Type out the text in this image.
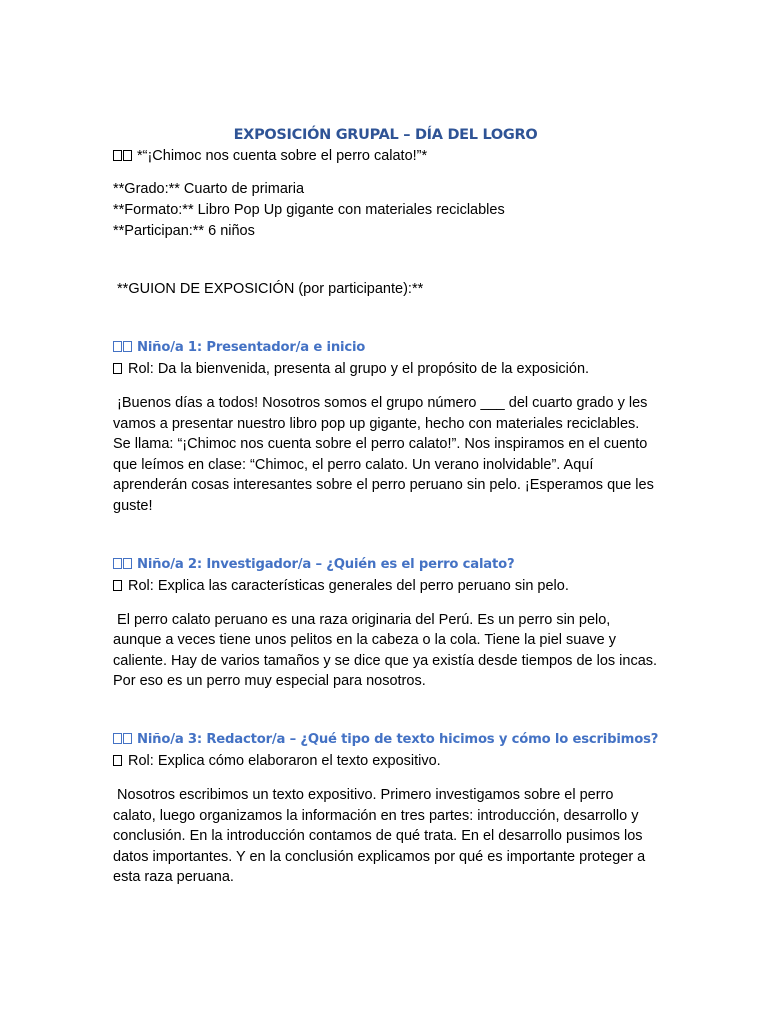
EXPOSICIÓN GRUPAL – DÍA DEL LOGRO

*“¡Chimoc nos cuenta sobre el perro calato!”*

**Grado:** Cuarto de primaria

**Formato:** Libro Pop Up gigante con materiales reciclables

**Participan:** 6 niños

**GUION DE EXPOSICIÓN (por participante):**

Niño/a 1: Presentador/a e inicio

Rol: Da la bienvenida, presenta al grupo y el propósito de la exposición.

¡Buenos días a todos! Nosotros somos el grupo número ___ del cuarto grado y les vamos a presentar nuestro libro pop up gigante, hecho con materiales reciclables. Se llama: “¡Chimoc nos cuenta sobre el perro calato!”. Nos inspiramos en el cuento que leímos en clase: “Chimoc, el perro calato. Un verano inolvidable”. Aquí aprenderán cosas interesantes sobre el perro peruano sin pelo. ¡Esperamos que les guste!

Niño/a 2: Investigador/a – ¿Quién es el perro calato?

Rol: Explica las características generales del perro peruano sin pelo.

El perro calato peruano es una raza originaria del Perú. Es un perro sin pelo, aunque a veces tiene unos pelitos en la cabeza o la cola. Tiene la piel suave y caliente. Hay de varios tamaños y se dice que ya existía desde tiempos de los incas. Por eso es un perro muy especial para nosotros.

Niño/a 3: Redactor/a – ¿Qué tipo de texto hicimos y cómo lo escribimos?

Rol: Explica cómo elaboraron el texto expositivo.

Nosotros escribimos un texto expositivo. Primero investigamos sobre el perro calato, luego organizamos la información en tres partes: introducción, desarrollo y conclusión. En la introducción contamos de qué trata. En el desarrollo pusimos los datos importantes. Y en la conclusión explicamos por qué es importante proteger a esta raza peruana.
